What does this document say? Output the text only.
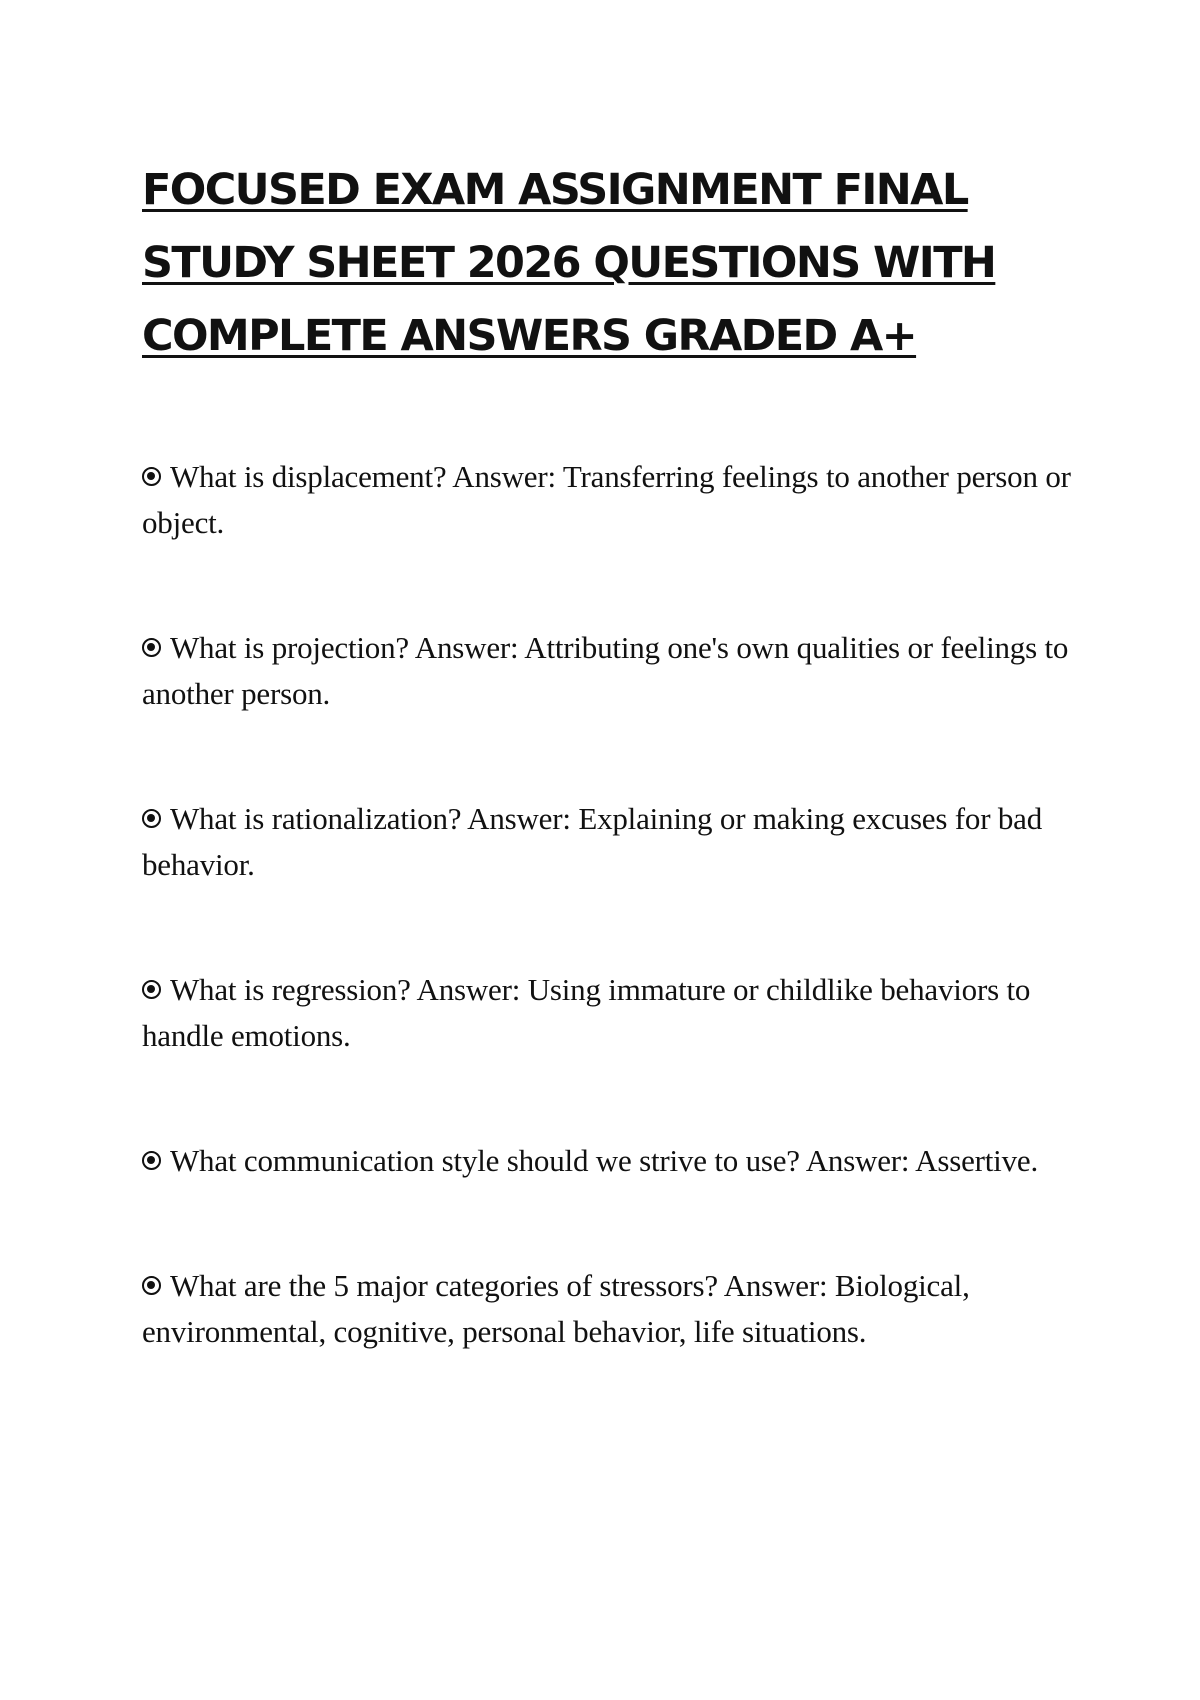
FOCUSED EXAM ASSIGNMENT FINAL STUDY SHEET 2026 QUESTIONS WITH COMPLETE ANSWERS GRADED A+
What is displacement? Answer: Transferring feelings to another person or object.
What is projection? Answer: Attributing one's own qualities or feelings to another person.
What is rationalization? Answer: Explaining or making excuses for bad behavior.
What is regression? Answer: Using immature or childlike behaviors to handle emotions.
What communication style should we strive to use? Answer: Assertive.
What are the 5 major categories of stressors? Answer: Biological, environmental, cognitive, personal behavior, life situations.
